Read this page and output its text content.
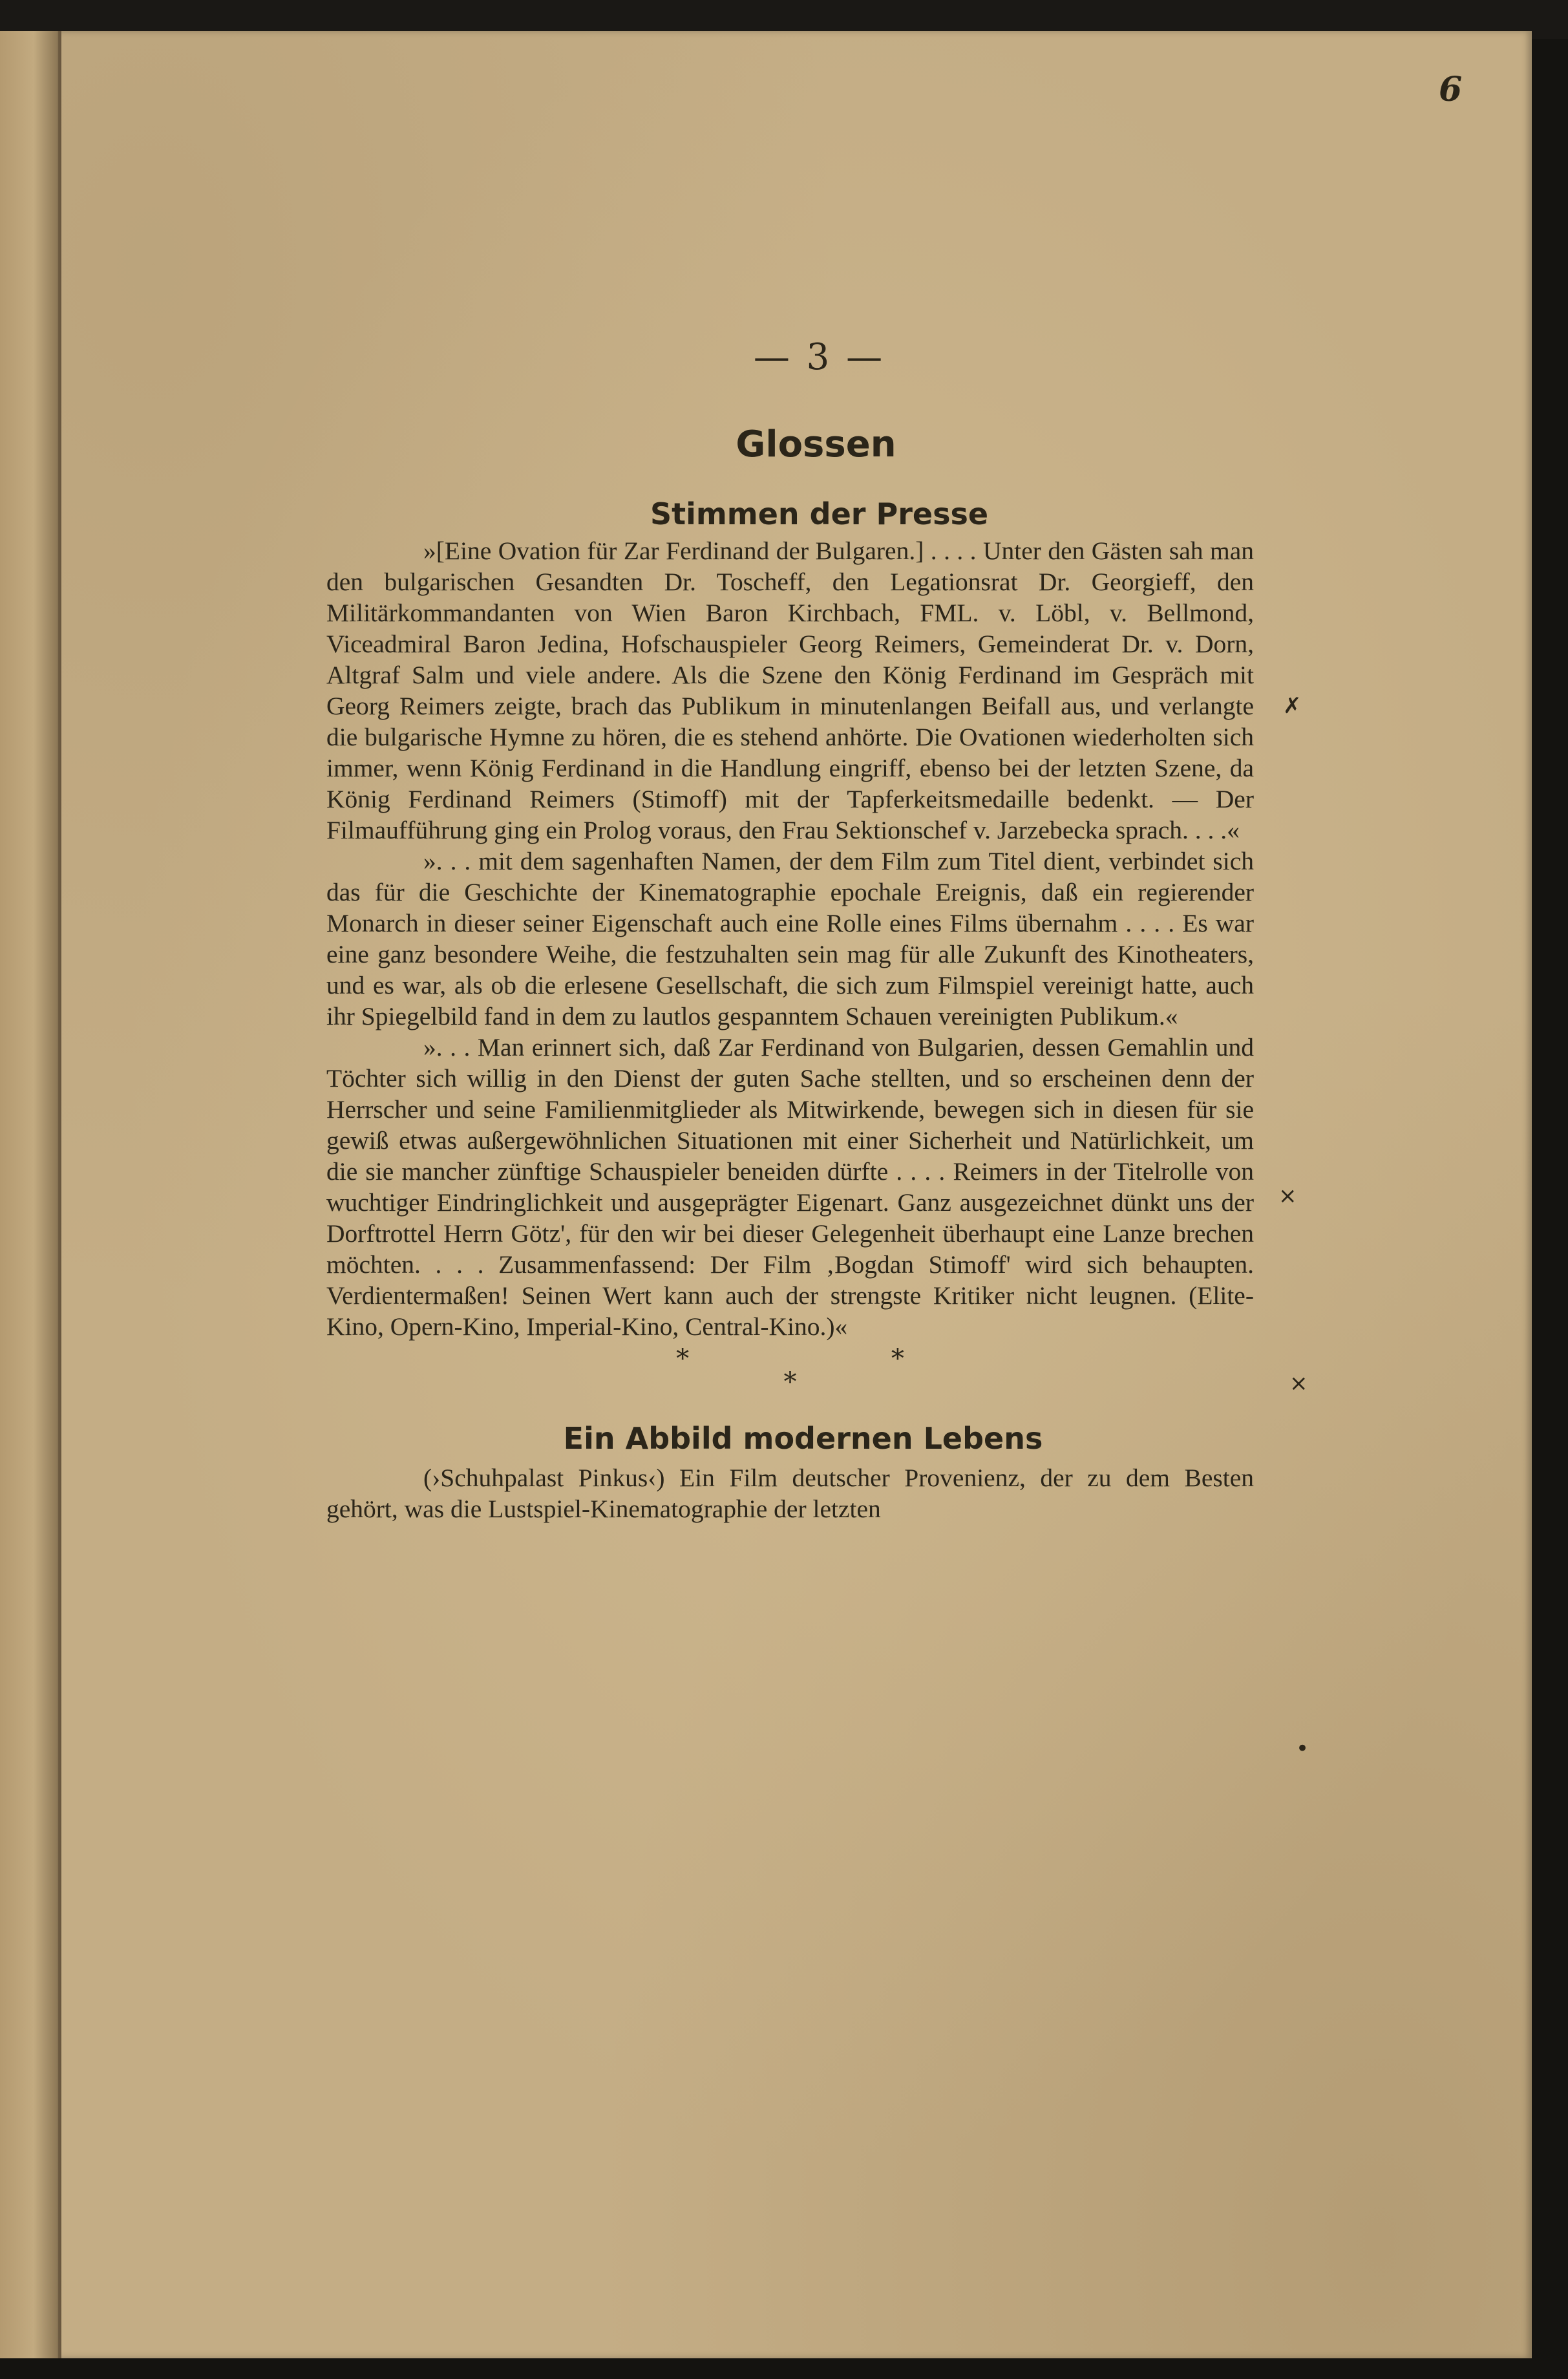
6
— 3 —
Glossen
Stimmen der Presse

»[Eine Ovation für Zar Ferdinand der Bulgaren.] . . . . Unter den Gästen sah man den bulgarischen Gesandten Dr. Toscheff, den Legationsrat Dr. Georgieff, den Militärkommandanten von Wien Baron Kirchbach, FML. v. Löbl, v. Bellmond, Viceadmiral Baron Jedina, Hofschauspieler Georg Reimers, Gemeinderat Dr. v. Dorn, Altgraf Salm und viele andere. Als die Szene den König Ferdinand im Gespräch mit Georg Reimers zeigte, brach das Publikum in minutenlangen Beifall aus, und verlangte die bulgarische Hymne zu hören, die es stehend anhörte. Die Ovationen wiederholten sich immer, wenn König Ferdinand in die Handlung eingriff, ebenso bei der letzten Szene, da König Ferdinand Reimers (Stimoff) mit der Tapferkeitsmedaille bedenkt. — Der Filmaufführung ging ein Prolog voraus, den Frau Sektionschef v. Jarzebecka sprach. . . .«

». . . mit dem sagenhaften Namen, der dem Film zum Titel dient, verbindet sich das für die Geschichte der Kinematographie epochale Ereignis, daß ein regierender Monarch in dieser seiner Eigenschaft auch eine Rolle eines Films übernahm . . . . Es war eine ganz besondere Weihe, die festzuhalten sein mag für alle Zukunft des Kinotheaters, und es war, als ob die erlesene Gesellschaft, die sich zum Filmspiel vereinigt hatte, auch ihr Spiegelbild fand in dem zu lautlos gespanntem Schauen vereinigten Publikum.«

». . . Man erinnert sich, daß Zar Ferdinand von Bulgarien, dessen Gemahlin und Töchter sich willig in den Dienst der guten Sache stellten, und so erscheinen denn der Herrscher und seine Familienmitglieder als Mitwirkende, bewegen sich in diesen für sie gewiß etwas außergewöhnlichen Situationen mit einer Sicherheit und Natürlichkeit, um die sie mancher zünftige Schauspieler beneiden dürfte . . . . Reimers in der Titelrolle von wuchtiger Eindringlichkeit und ausgeprägter Eigenart. Ganz ausgezeichnet dünkt uns der Dorftrottel Herrn Götz', für den wir bei dieser Gelegenheit überhaupt eine Lanze brechen möchten. . . . Zusammenfassend: Der Film ‚Bogdan Stimoff' wird sich behaupten. Verdientermaßen! Seinen Wert kann auch der strengste Kritiker nicht leugnen. (Elite-Kino, Opern-Kino, Imperial-Kino, Central-Kino.)«

* *
*
Ein Abbild modernen Lebens

(›Schuhpalast Pinkus‹) Ein Film deutscher Provenienz, der zu dem Besten gehört, was die Lustspiel-Kinematographie der letzten

✗
×
×
•
